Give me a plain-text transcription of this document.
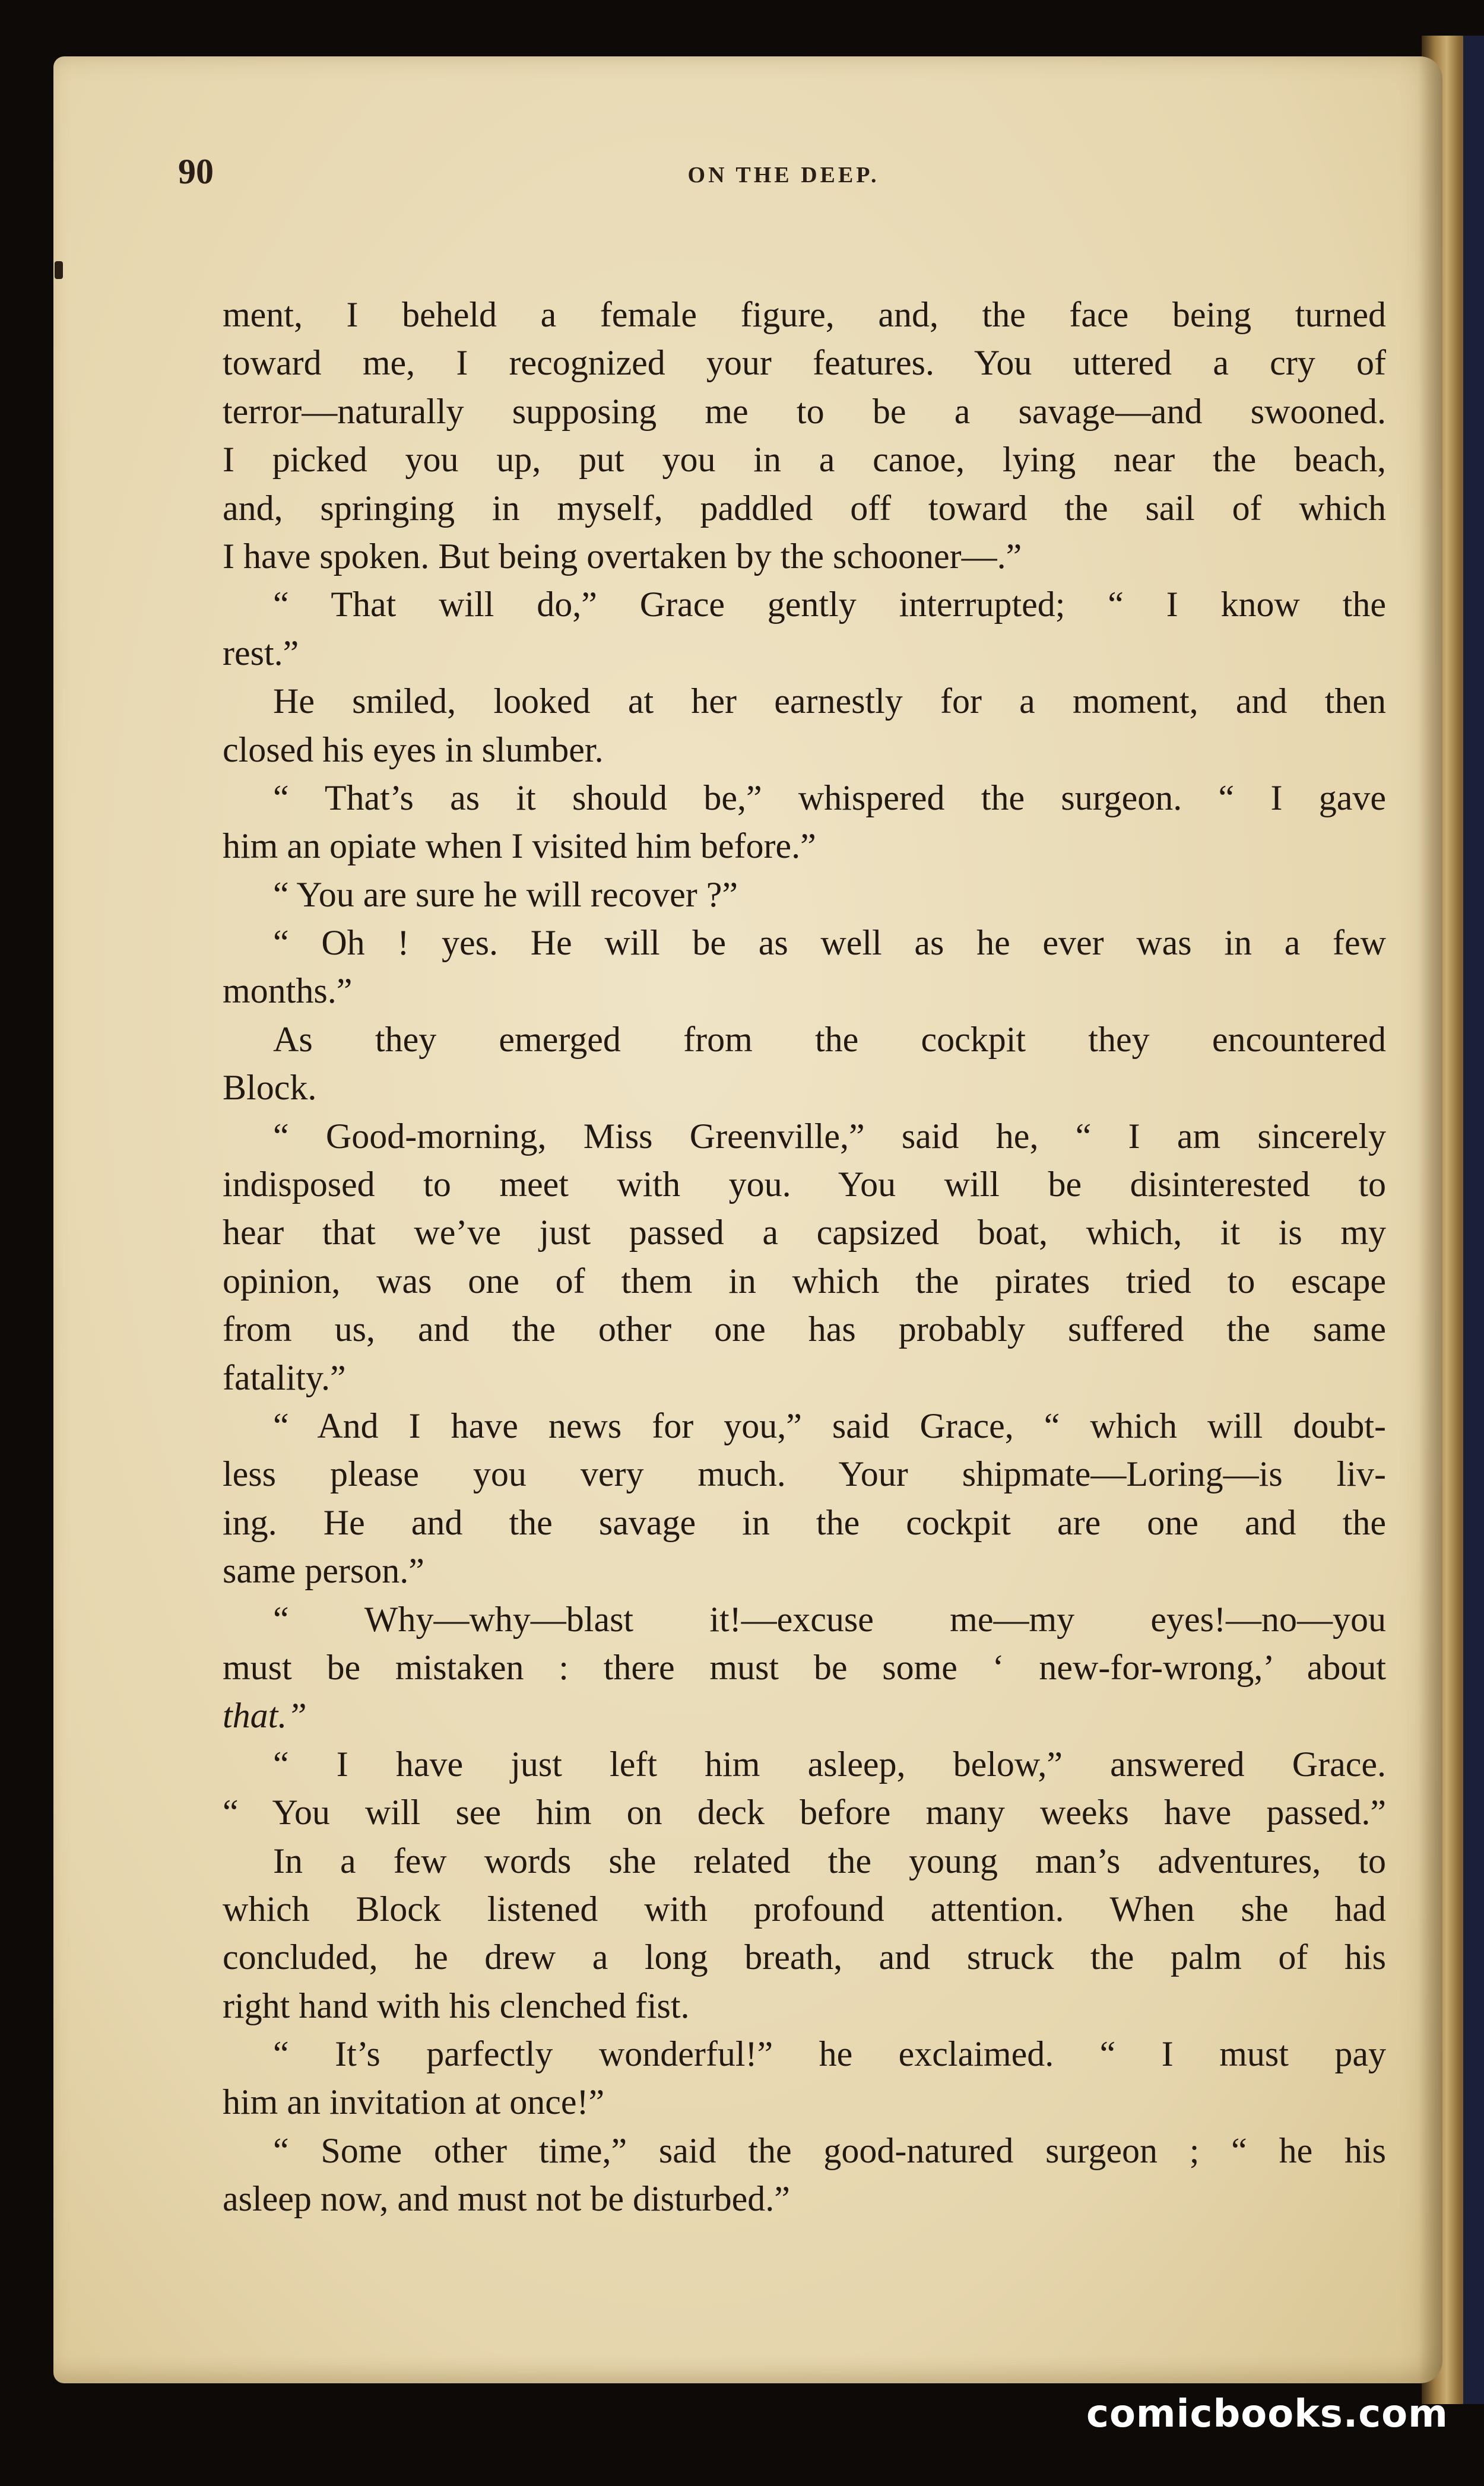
90	ON THE DEEP.
ment, I beheld a female figure, and, the face being turned
toward me, I recognized your features. You uttered a cry of
terror—naturally supposing me to be a savage—and swooned.
I picked you up, put you in a canoe, lying near the beach,
and, springing in myself, paddled off toward the sail of which
I have spoken. But being overtaken by the schooner—.”
“ That will do,” Grace gently interrupted; “ I know the
rest.”
He smiled, looked at her earnestly for a moment, and then
closed his eyes in slumber.
“ That’s as it should be,” whispered the surgeon. “ I gave
him an opiate when I visited him before.”
“ You are sure he will recover ?”
“ Oh ! yes. He will be as well as he ever was in a few
months.”
As they emerged from the cockpit they encountered
Block.
“ Good-morning, Miss Greenville,” said he, “ I am sincerely
indisposed to meet with you. You will be disinterested to
hear that we’ve just passed a capsized boat, which, it is my
opinion, was one of them in which the pirates tried to escape
from us, and the other one has probably suffered the same
fatality.”
“ And I have news for you,” said Grace, “ which will doubt-
less please you very much. Your shipmate—Loring—is liv-
ing. He and the savage in the cockpit are one and the
same person.”
“ Why—why—blast it!—excuse me—my eyes!—no—you
must be mistaken : there must be some ‘ new-for-wrong,’ about
that.”
“ I have just left him asleep, below,” answered Grace.
“ You will see him on deck before many weeks have passed.”
In a few words she related the young man’s adventures, to
which Block listened with profound attention. When she had
concluded, he drew a long breath, and struck the palm of his
right hand with his clenched fist.
“ It’s parfectly wonderful!” he exclaimed. “ I must pay
him an invitation at once!”
“ Some other time,” said the good-natured surgeon ; “ he his
asleep now, and must not be disturbed.”
comicbooks.com
